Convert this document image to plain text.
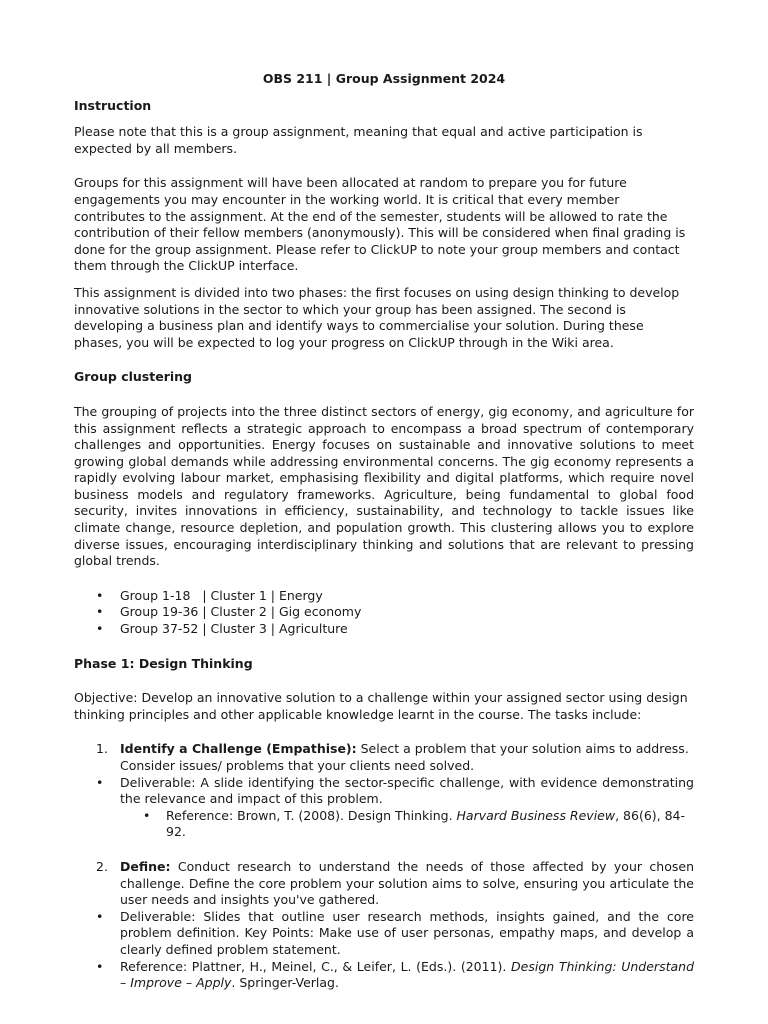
OBS 211 | Group Assignment 2024
Instruction

Please note that this is a group assignment, meaning that equal and active participation is expected by all members.

Groups for this assignment will have been allocated at random to prepare you for future engagements you may encounter in the working world. It is critical that every member contributes to the assignment. At the end of the semester, students will be allowed to rate the contribution of their fellow members (anonymously). This will be considered when final grading is done for the group assignment. Please refer to ClickUP to note your group members and contact them through the ClickUP interface.

This assignment is divided into two phases: the first focuses on using design thinking to develop innovative solutions in the sector to which your group has been assigned. The second is developing a business plan and identify ways to commercialise your solution. During these phases, you will be expected to log your progress on ClickUP through in the Wiki area.

Group clustering

The grouping of projects into the three distinct sectors of energy, gig economy, and agriculture for this assignment reflects a strategic approach to encompass a broad spectrum of contemporary challenges and opportunities. Energy focuses on sustainable and innovative solutions to meet growing global demands while addressing environmental concerns. The gig economy represents a rapidly evolving labour market, emphasising flexibility and digital platforms, which require novel business models and regulatory frameworks. Agriculture, being fundamental to global food security, invites innovations in efficiency, sustainability, and technology to tackle issues like climate change, resource depletion, and population growth. This clustering allows you to explore diverse issues, encouraging interdisciplinary thinking and solutions that are relevant to pressing global trends.

• Group 1-18   | Cluster 1 | Energy
• Group 19-36 | Cluster 2 | Gig economy
• Group 37-52 | Cluster 3 | Agriculture
Phase 1: Design Thinking

Objective: Develop an innovative solution to a challenge within your assigned sector using design thinking principles and other applicable knowledge learnt in the course. The tasks include:

1. Identify a Challenge (Empathise): Select a problem that your solution aims to address. Consider issues/ problems that your clients need solved.
• Deliverable: A slide identifying the sector-specific challenge, with evidence demonstrating the relevance and impact of this problem.
• Reference: Brown, T. (2008). Design Thinking. Harvard Business Review, 86(6), 84-92.
2. Define: Conduct research to understand the needs of those affected by your chosen challenge. Define the core problem your solution aims to solve, ensuring you articulate the user needs and insights you've gathered.
• Deliverable: Slides that outline user research methods, insights gained, and the core problem definition. Key Points: Make use of user personas, empathy maps, and develop a clearly defined problem statement.
• Reference: Plattner, H., Meinel, C., & Leifer, L. (Eds.). (2011). Design Thinking: Understand – Improve – Apply. Springer-Verlag.
